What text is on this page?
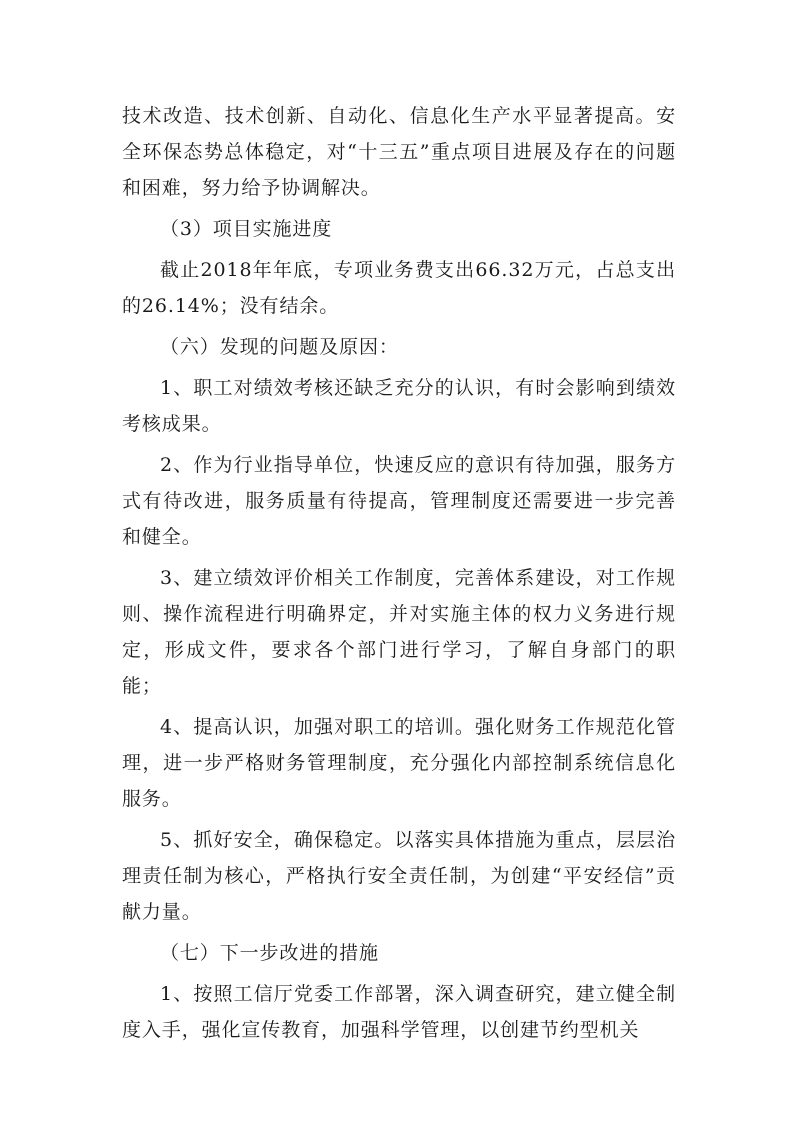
技术改造、技术创新、自动化、信息化生产水平显著提高。安全环保态势总体稳定，对“十三五”重点项目进展及存在的问题和困难，努力给予协调解决。

（3）项目实施进度

截止2018年年底，专项业务费支出66.32万元，占总支出的26.14%；没有结余。

（六）发现的问题及原因：

1、职工对绩效考核还缺乏充分的认识，有时会影响到绩效考核成果。

2、作为行业指导单位，快速反应的意识有待加强，服务方式有待改进，服务质量有待提高，管理制度还需要进一步完善和健全。

3、建立绩效评价相关工作制度，完善体系建设，对工作规则、操作流程进行明确界定，并对实施主体的权力义务进行规定，形成文件，要求各个部门进行学习，了解自身部门的职能；

4、提高认识，加强对职工的培训。强化财务工作规范化管理，进一步严格财务管理制度，充分强化内部控制系统信息化服务。

5、抓好安全，确保稳定。以落实具体措施为重点，层层治理责任制为核心，严格执行安全责任制，为创建“平安经信”贡献力量。

（七）下一步改进的措施

1、按照工信厅党委工作部署，深入调查研究，建立健全制度入手，强化宣传教育，加强科学管理，以创建节约型机关
